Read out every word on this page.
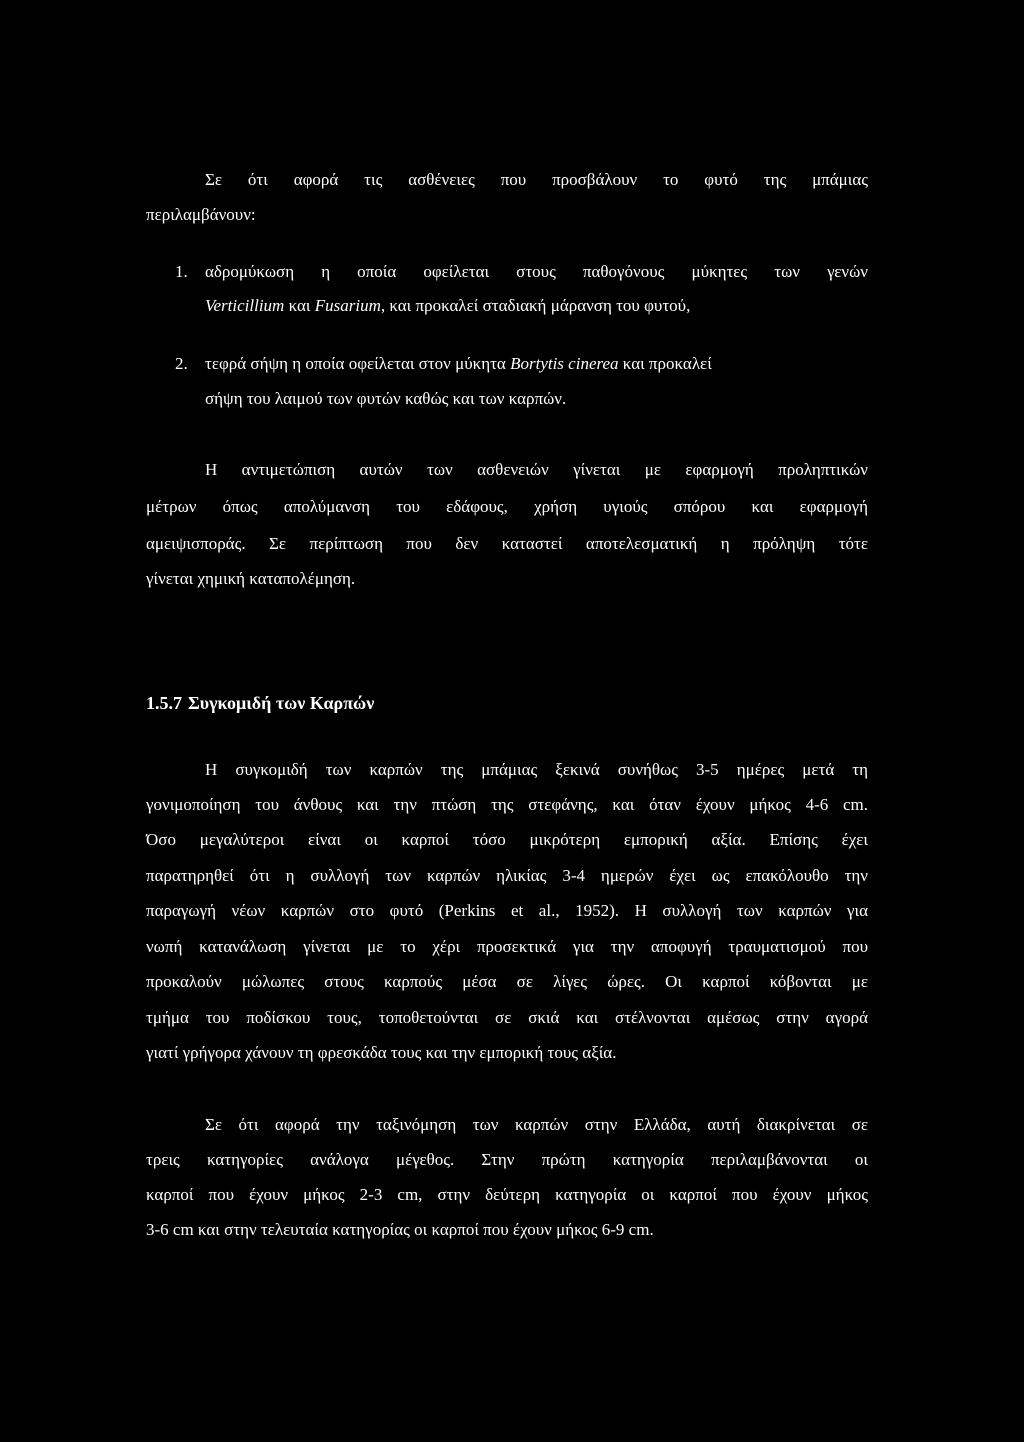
Σε ότι αφορά τις ασθένειες που προσβάλουν το φυτό της μπάμιας
περιλαμβάνουν:
1. αδρομύκωση η οποία οφείλεται στους παθογόνους μύκητες των γενών
Verticillium και Fusarium, και προκαλεί σταδιακή μάρανση του φυτού,
2. τεφρά σήψη η οποία οφείλεται στον μύκητα Bortytis cinerea και προκαλεί
σήψη του λαιμού των φυτών καθώς και των καρπών.
Η αντιμετώπιση αυτών των ασθενειών γίνεται με εφαρμογή προληπτικών
μέτρων όπως απολύμανση του εδάφους, χρήση υγιούς σπόρου και εφαρμογή
αμειψισποράς. Σε περίπτωση που δεν καταστεί αποτελεσματική η πρόληψη τότε
γίνεται χημική καταπολέμηση.
1.5.7 Συγκομιδή των Καρπών
Η συγκομιδή των καρπών της μπάμιας ξεκινά συνήθως 3-5 ημέρες μετά τη
γονιμοποίηση του άνθους και την πτώση της στεφάνης, και όταν έχουν μήκος 4-6 cm.
Όσο μεγαλύτεροι είναι οι καρποί τόσο μικρότερη εμπορική αξία. Επίσης έχει
παρατηρηθεί ότι η συλλογή των καρπών ηλικίας 3-4 ημερών έχει ως επακόλουθο την
παραγωγή νέων καρπών στο φυτό (Perkins et al., 1952). Η συλλογή των καρπών για
νωπή κατανάλωση γίνεται με το χέρι προσεκτικά για την αποφυγή τραυματισμού που
προκαλούν μώλωπες στους καρπούς μέσα σε λίγες ώρες. Οι καρποί κόβονται με
τμήμα του ποδίσκου τους, τοποθετούνται σε σκιά και στέλνονται αμέσως στην αγορά
γιατί γρήγορα χάνουν τη φρεσκάδα τους και την εμπορική τους αξία.
Σε ότι αφορά την ταξινόμηση των καρπών στην Ελλάδα, αυτή διακρίνεται σε
τρεις κατηγορίες ανάλογα μέγεθος. Στην πρώτη κατηγορία περιλαμβάνονται οι
καρποί που έχουν μήκος 2-3 cm, στην δεύτερη κατηγορία οι καρποί που έχουν μήκος
3-6 cm και στην τελευταία κατηγορίας οι καρποί που έχουν μήκος 6-9 cm.
